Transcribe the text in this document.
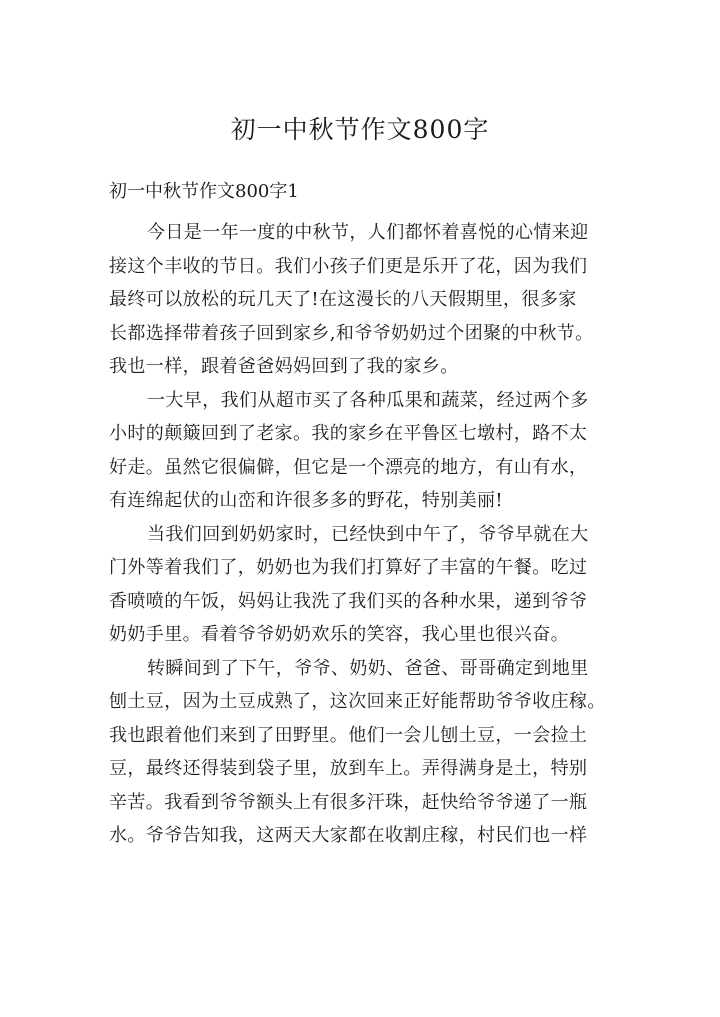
初一中秋节作文800字
初一中秋节作文800字1

今日是一年一度的中秋节，人们都怀着喜悦的心情来迎
接这个丰收的节日。我们小孩子们更是乐开了花，因为我们
最终可以放松的玩几天了!在这漫长的八天假期里，很多家
长都选择带着孩子回到家乡,和爷爷奶奶过个团聚的中秋节。
我也一样，跟着爸爸妈妈回到了我的家乡。

一大早，我们从超市买了各种瓜果和蔬菜，经过两个多
小时的颠簸回到了老家。我的家乡在平鲁区七墩村，路不太
好走。虽然它很偏僻，但它是一个漂亮的地方，有山有水，
有连绵起伏的山峦和许很多多的野花，特别美丽!

当我们回到奶奶家时，已经快到中午了，爷爷早就在大
门外等着我们了，奶奶也为我们打算好了丰富的午餐。吃过
香喷喷的午饭，妈妈让我洗了我们买的各种水果，递到爷爷
奶奶手里。看着爷爷奶奶欢乐的笑容，我心里也很兴奋。

转瞬间到了下午，爷爷、奶奶、爸爸、哥哥确定到地里
刨土豆，因为土豆成熟了，这次回来正好能帮助爷爷收庄稼。
我也跟着他们来到了田野里。他们一会儿刨土豆，一会捡土
豆，最终还得装到袋子里，放到车上。弄得满身是土，特别
辛苦。我看到爷爷额头上有很多汗珠，赶快给爷爷递了一瓶
水。爷爷告知我，这两天大家都在收割庄稼，村民们也一样
